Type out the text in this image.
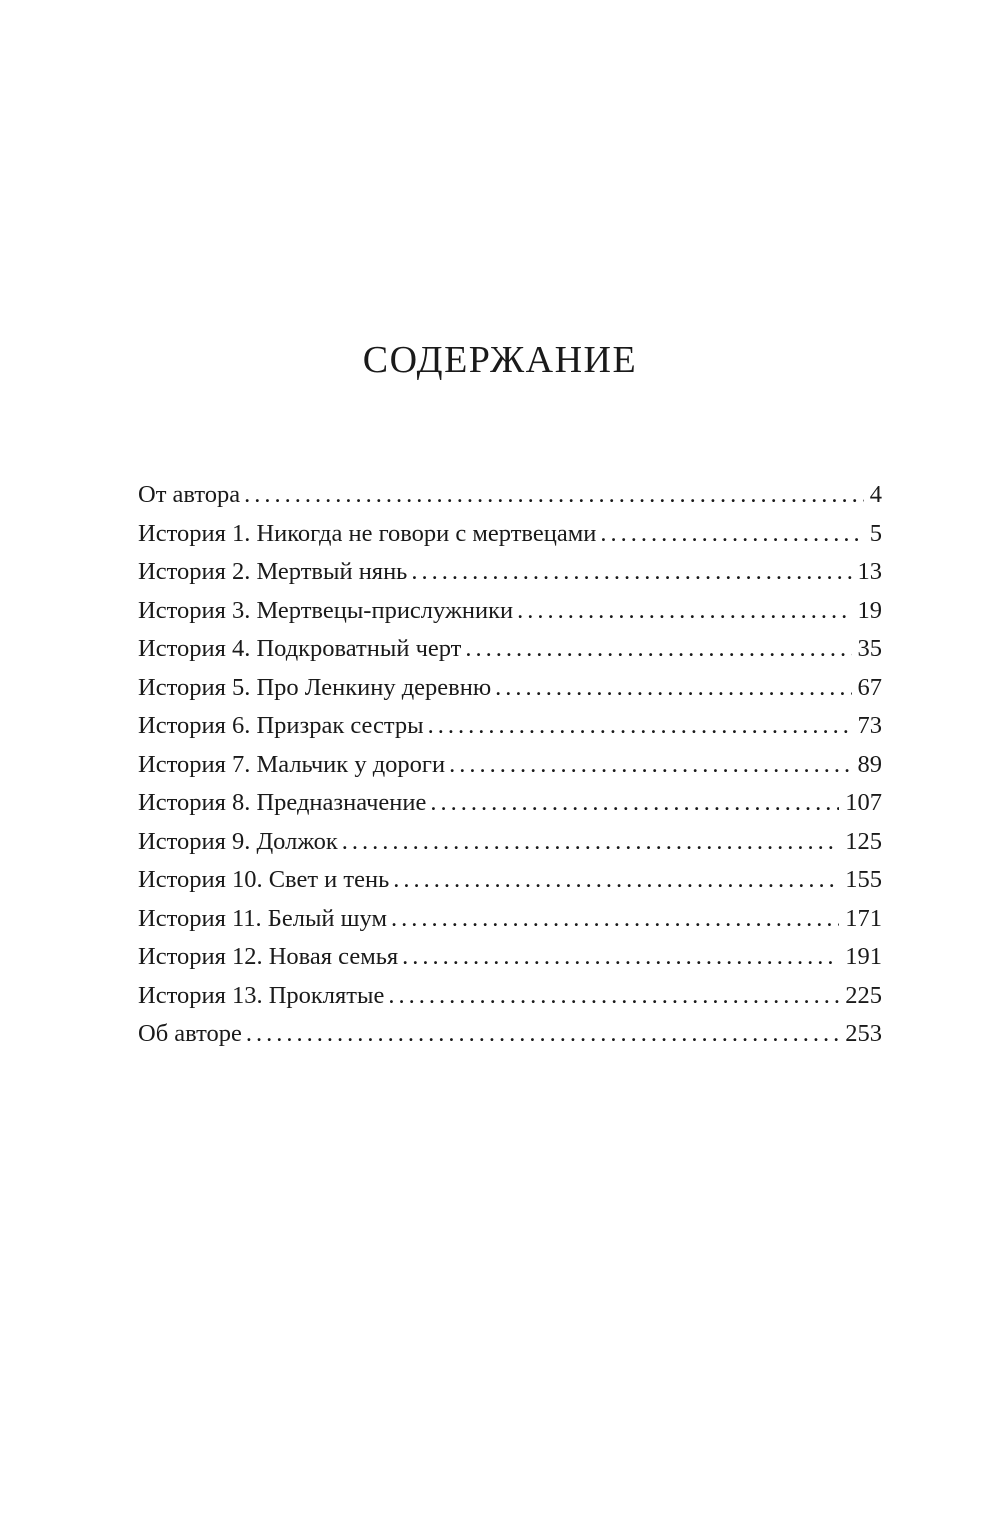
СОДЕРЖАНИЕ
От автора .....	4
История 1. Никогда не говори с мертвецами .....	5
История 2. Мертвый нянь .....	13
История 3. Мертвецы-прислужники .....	19
История 4. Подкроватный черт .....	35
История 5. Про Ленкину деревню .....	67
История 6. Призрак сестры .....	73
История 7. Мальчик у дороги .....	89
История 8. Предназначение .....	107
История 9. Должок .....	125
История 10. Свет и тень .....	155
История 11. Белый шум .....	171
История 12. Новая семья .....	191
История 13. Проклятые .....	225
Об авторе .....	253
